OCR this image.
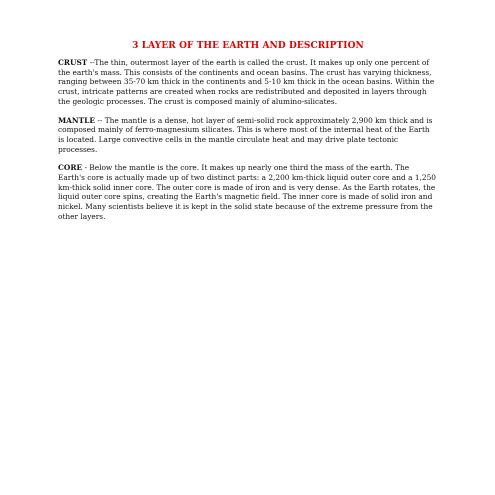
3 LAYER OF THE EARTH AND DESCRIPTION

CRUST --The thin, outermost layer of the earth is called the crust. It makes up only one percent of the earth's mass. This consists of the continents and ocean basins. The crust has varying thickness, ranging between 35-70 km thick in the continents and 5-10 km thick in the ocean basins. Within the crust, intricate patterns are created when rocks are redistributed and deposited in layers through the geologic processes. The crust is composed mainly of alumino-silicates.

MANTLE -- The mantle is a dense, hot layer of semi-solid rock approximately 2,900 km thick and is composed mainly of ferro-magnesium silicates. This is where most of the internal heat of the Earth is located. Large convective cells in the mantle circulate heat and may drive plate tectonic processes.

CORE - Below the mantle is the core. It makes up nearly one third the mass of the earth. The Earth's core is actually made up of two distinct parts: a 2,200 km-thick liquid outer core and a 1,250 km-thick solid inner core. The outer core is made of iron and is very dense. As the Earth rotates, the liquid outer core spins, creating the Earth's magnetic field. The inner core is made of solid iron and nickel. Many scientists believe it is kept in the solid state because of the extreme pressure from the other layers.
